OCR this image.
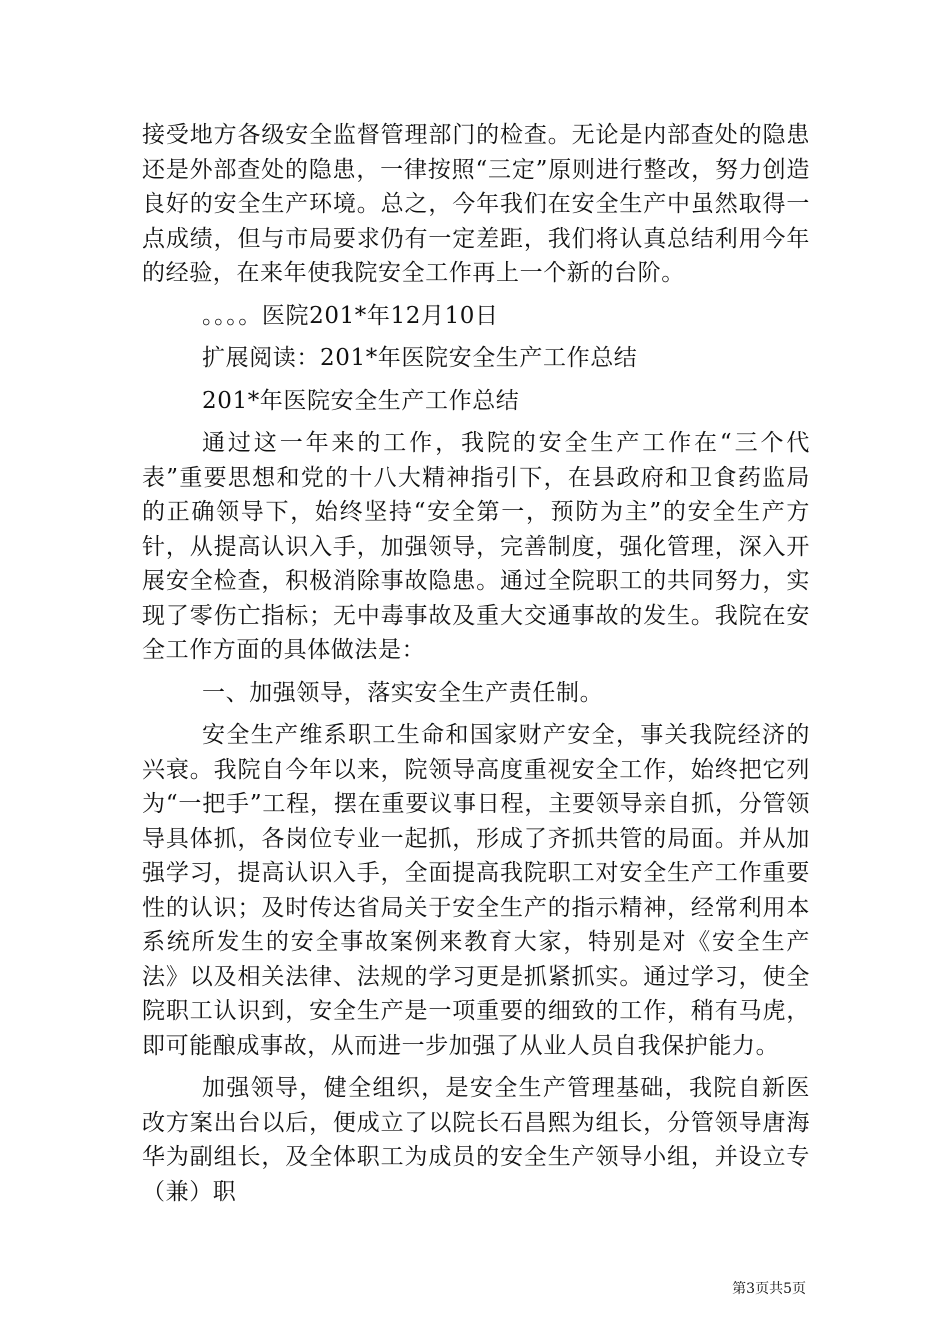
接受地方各级安全监督管理部门的检查。无论是内部查处的隐患还是外部查处的隐患，一律按照“三定”原则进行整改，努力创造良好的安全生产环境。总之，今年我们在安全生产中虽然取得一点成绩，但与市局要求仍有一定差距，我们将认真总结利用今年的经验，在来年使我院安全工作再上一个新的台阶。

。。。。医院201*年12月10日

扩展阅读：201*年医院安全生产工作总结

201*年医院安全生产工作总结

通过这一年来的工作，我院的安全生产工作在“三个代表”重要思想和党的十八大精神指引下，在县政府和卫食药监局的正确领导下，始终坚持“安全第一，预防为主”的安全生产方针，从提高认识入手，加强领导，完善制度，强化管理，深入开展安全检查，积极消除事故隐患。通过全院职工的共同努力，实现了零伤亡指标；无中毒事故及重大交通事故的发生。我院在安全工作方面的具体做法是：

一、加强领导，落实安全生产责任制。

安全生产维系职工生命和国家财产安全，事关我院经济的兴衰。我院自今年以来，院领导高度重视安全工作，始终把它列为“一把手”工程，摆在重要议事日程，主要领导亲自抓，分管领导具体抓，各岗位专业一起抓，形成了齐抓共管的局面。并从加强学习，提高认识入手，全面提高我院职工对安全生产工作重要性的认识；及时传达省局关于安全生产的指示精神，经常利用本系统所发生的安全事故案例来教育大家，特别是对《安全生产法》以及相关法律、法规的学习更是抓紧抓实。通过学习，使全院职工认识到，安全生产是一项重要的细致的工作，稍有马虎，即可能酿成事故，从而进一步加强了从业人员自我保护能力。

加强领导，健全组织，是安全生产管理基础，我院自新医改方案出台以后，便成立了以院长石昌熙为组长，分管领导唐海华为副组长，及全体职工为成员的安全生产领导小组，并设立专（兼）职

第3页共5页
